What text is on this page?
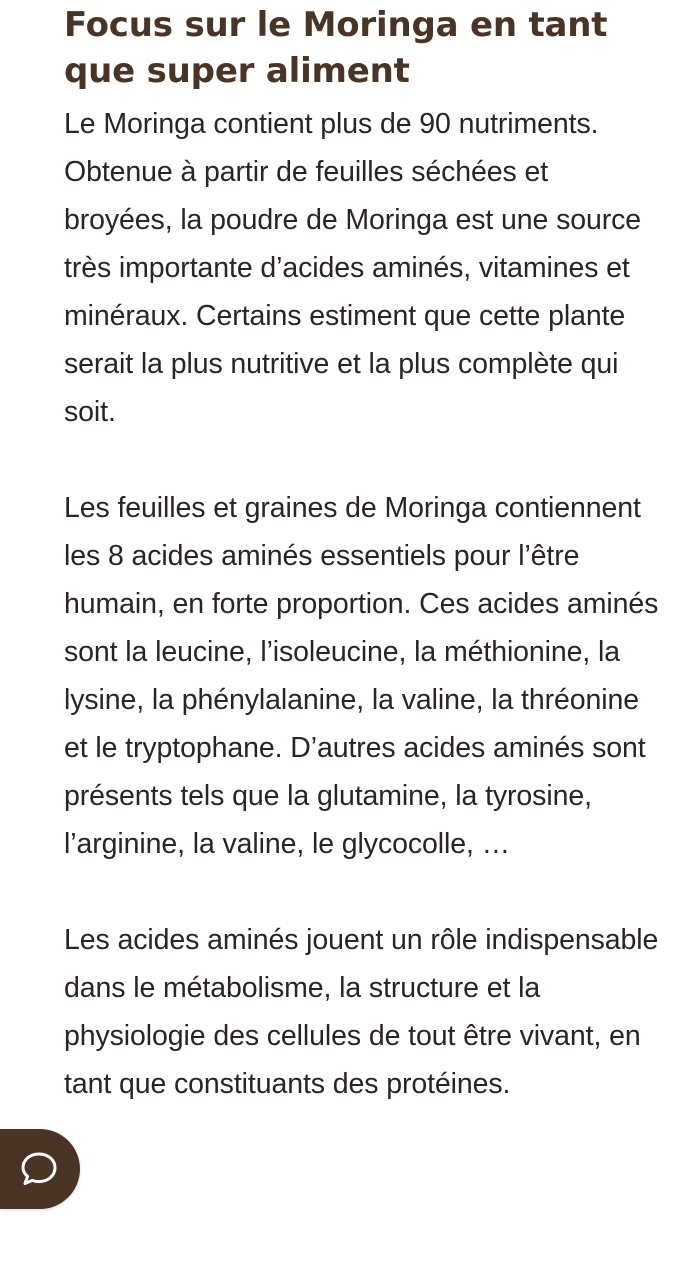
Focus sur le Moringa en tant que super aliment

Le Moringa contient plus de 90 nutriments. Obtenue à partir de feuilles séchées et broyées, la poudre de Moringa est une source très importante d’acides aminés, vitamines et minéraux. Certains estiment que cette plante serait la plus nutritive et la plus complète qui soit.

Les feuilles et graines de Moringa contiennent les 8 acides aminés essentiels pour l’être humain, en forte proportion. Ces acides aminés sont la leucine, l’isoleucine, la méthionine, la lysine, la phénylalanine, la valine, la thréonine et le tryptophane. D’autres acides aminés sont présents tels que la glutamine, la tyrosine, l’arginine, la valine, le glycocolle, …

Les acides aminés jouent un rôle indispensable dans le métabolisme, la structure et la physiologie des cellules de tout être vivant, en tant que constituants des protéines.
